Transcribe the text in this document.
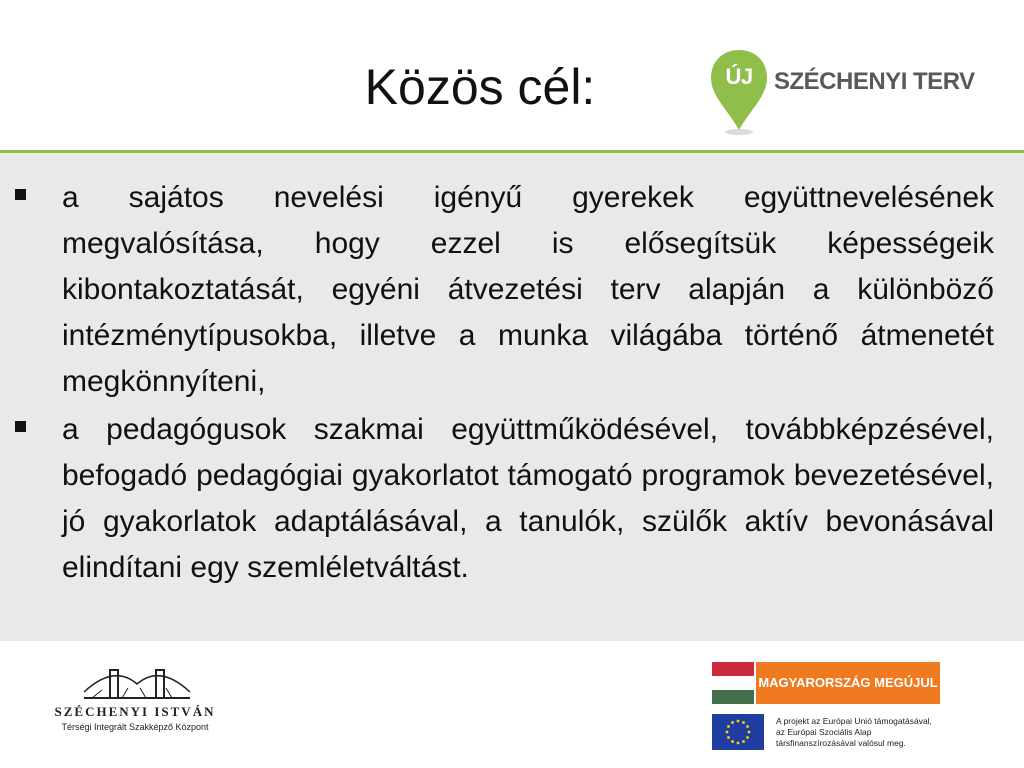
Közös cél:	ÚJ SZÉCHENYI TERV
a sajátos nevelési igényű gyerekek együttnevelésének megvalósítása, hogy ezzel is elősegítsük képességeik kibontakoztatását, egyéni átvezetési terv alapján a különböző intézménytípusokba, illetve a munka világába történő átmenetét megkönnyíteni,
a pedagógusok szakmai együttműködésével, továbbképzésével, befogadó pedagógiai gyakorlatot támogató programok bevezetésével, jó gyakorlatok adaptálásával, a tanulók, szülők aktív bevonásával elindítani egy szemléletváltást.
SZÉCHENYI ISTVÁN
Térségi Integrált Szakképző Központ
MAGYARORSZÁG MEGÚJUL
A projekt az Európai Unió támogatásával,
az Európai Szociális Alap
társfinanszírozásával valósul meg.
